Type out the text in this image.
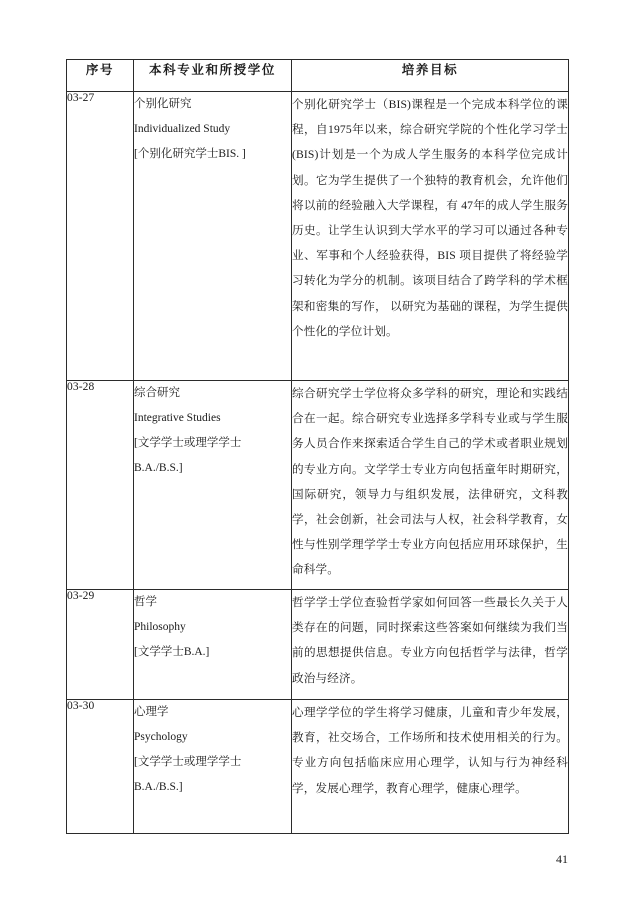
序号	本科专业和所授学位	培养目标
03-27	个别化研究
Individualized Study
[个别化研究学士BIS. ]
	个别化研究学士（BIS)课程是一个完成本科学位的课程，自1975年以来，综合研究学院的个性化学习学士(BIS)计划是一个为成人学生服务的本科学位完成计划。它为学生提供了一个独特的教育机会，允许他们将以前的经验融入大学课程，有 47年的成人学生服务历史。让学生认识到大学水平的学习可以通过各种专业、军事和个人经验获得，BIS 项目提供了将经验学习转化为学分的机制。该项目结合了跨学科的学术框架和密集的写作， 以研究为基础的课程，为学生提供个性化的学位计划。
03-28	综合研究
Integrative Studies
[文学学士或理学学士
B.A./B.S.]	综合研究学士学位将众多学科的研究，理论和实践结合在一起。综合研究专业选择多学科专业或与学生服务人员合作来探索适合学生自己的学术或者职业规划的专业方向。文学学士专业方向包括童年时期研究，国际研究，领导力与组织发展，法律研究，文科教学，社会创新，社会司法与人权，社会科学教育，女性与性别学理学学士专业方向包括应用环球保护，生命科学。
03-29	哲学
Philosophy
[文学学士B.A.]	哲学学士学位查验哲学家如何回答一些最长久关于人类存在的问题，同时探索这些答案如何继续为我们当前的思想提供信息。专业方向包括哲学与法律，哲学政治与经济。
03-30	心理学
Psychology
[文学学士或理学学士
B.A./B.S.]	心理学学位的学生将学习健康，儿童和青少年发展，教育，社交场合，工作场所和技术使用相关的行为。专业方向包括临床应用心理学，认知与行为神经科学，发展心理学，教育心理学，健康心理学。
41
